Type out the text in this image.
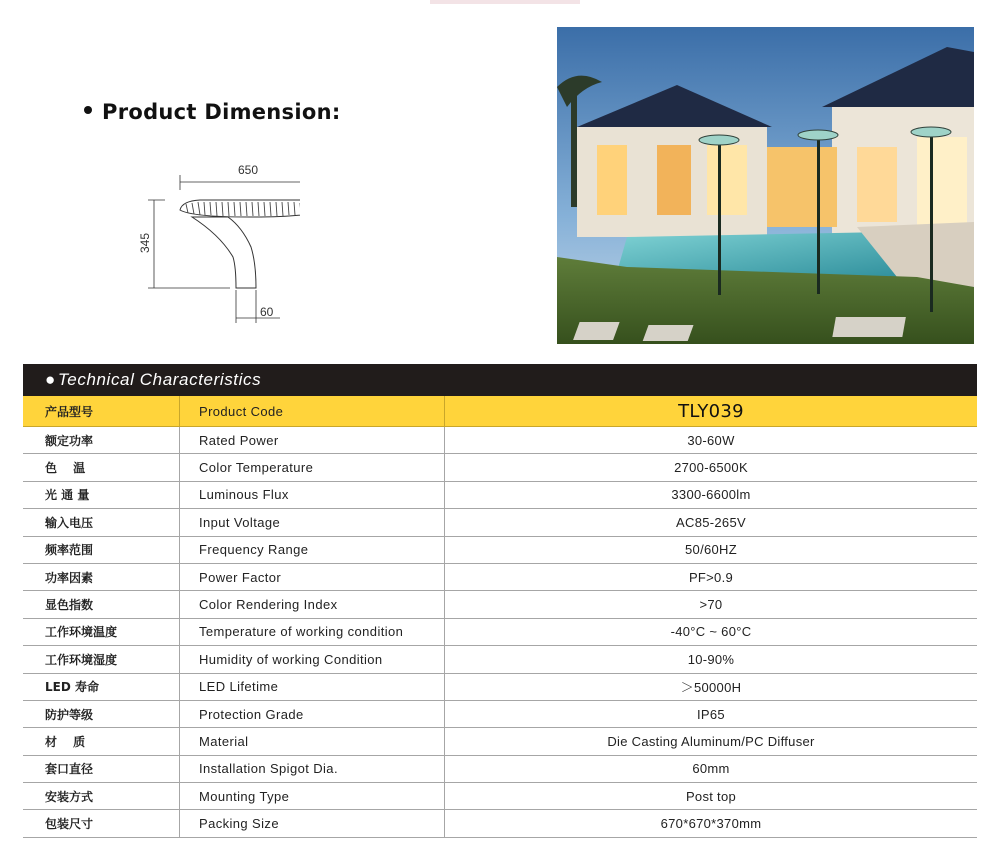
Product Dimension:
650
345
60
● Technical Characteristics
产品型号	Product Code	TLY039
额定功率	Rated Power	30-60W
色　 温	Color Temperature	2700-6500K
光 通 量	Luminous Flux	3300-6600lm
输入电压	Input Voltage	AC85-265V
频率范围	Frequency Range	50/60HZ
功率因素	Power Factor	PF>0.9
显色指数	Color Rendering Index	>70
工作环境温度	Temperature of working condition	-40°C ~ 60°C
工作环境湿度	Humidity of working Condition	10-90%
LED 寿命	LED Lifetime	＞50000H
防护等级	Protection Grade	IP65
材　 质	Material	Die Casting Aluminum/PC Diffuser
套口直径	Installation Spigot Dia.	60mm
安装方式	Mounting Type	Post top
包装尺寸	Packing Size	670*670*370mm
